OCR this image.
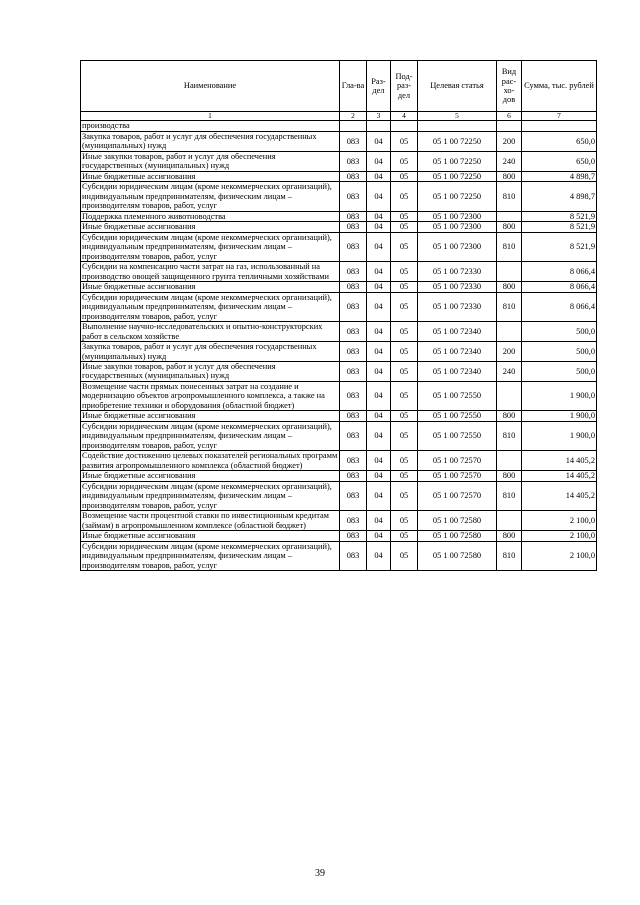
Наименование	Гла-ва	Раз-дел	Под-раз-дел	Целевая статья	Вид рас-хо-дов	Сумма, тыс. рублей
1	2	3	4	5	6	7
производства						
Закупка товаров, работ и услуг для обеспечения государственных (муниципальных) нужд	083	04	05	05 1 00 72250	200	650,0
Иные закупки товаров, работ и услуг для обеспечения государственных (муниципальных) нужд	083	04	05	05 1 00 72250	240	650,0
Иные бюджетные ассигнования	083	04	05	05 1 00 72250	800	4 898,7
Субсидии юридическим лицам (кроме некоммерческих организаций), индивидуальным предпринимателям, физическим лицам – производителям товаров, работ, услуг	083	04	05	05 1 00 72250	810	4 898,7
Поддержка племенного животноводства	083	04	05	05 1 00 72300		8 521,9
Иные бюджетные ассигнования	083	04	05	05 1 00 72300	800	8 521,9
Субсидии юридическим лицам (кроме некоммерческих организаций), индивидуальным предпринимателям, физическим лицам – производителям товаров, работ, услуг	083	04	05	05 1 00 72300	810	8 521,9
Субсидии на компенсацию части затрат на газ, использованный на производство овощей защищенного грунта тепличными хозяйствами	083	04	05	05 1 00 72330		8 066,4
Иные бюджетные ассигнования	083	04	05	05 1 00 72330	800	8 066,4
Субсидии юридическим лицам (кроме некоммерческих организаций), индивидуальным предпринимателям, физическим лицам – производителям товаров, работ, услуг	083	04	05	05 1 00 72330	810	8 066,4
Выполнение научно-исследовательских и опытно-конструкторских работ в сельском хозяйстве	083	04	05	05 1 00 72340		500,0
Закупка товаров, работ и услуг для обеспечения государственных (муниципальных) нужд	083	04	05	05 1 00 72340	200	500,0
Иные закупки товаров, работ и услуг для обеспечения государственных (муниципальных) нужд	083	04	05	05 1 00 72340	240	500,0
Возмещение части прямых понесенных затрат на создание и модернизацию объектов агропромышленного комплекса, а также на приобретение техники и оборудования (областной бюджет)	083	04	05	05 1 00 72550		1 900,0
Иные бюджетные ассигнования	083	04	05	05 1 00 72550	800	1 900,0
Субсидии юридическим лицам (кроме некоммерческих организаций), индивидуальным предпринимателям, физическим лицам – производителям товаров, работ, услуг	083	04	05	05 1 00 72550	810	1 900,0
Содействие достижению целевых показателей региональных программ развития агропромышленного комплекса (областной бюджет)	083	04	05	05 1 00 72570		14 405,2
Иные бюджетные ассигнования	083	04	05	05 1 00 72570	800	14 405,2
Субсидии юридическим лицам (кроме некоммерческих организаций), индивидуальным предпринимателям, физическим лицам – производителям товаров, работ, услуг	083	04	05	05 1 00 72570	810	14 405,2
Возмещение части процентной ставки по инвестиционным кредитам (займам) в агропромышленном комплексе (областной бюджет)	083	04	05	05 1 00 72580		2 100,0
Иные бюджетные ассигнования	083	04	05	05 1 00 72580	800	2 100,0
Субсидии юридическим лицам (кроме некоммерческих организаций), индивидуальным предпринимателям, физическим лицам – производителям товаров, работ, услуг	083	04	05	05 1 00 72580	810	2 100,0
39
